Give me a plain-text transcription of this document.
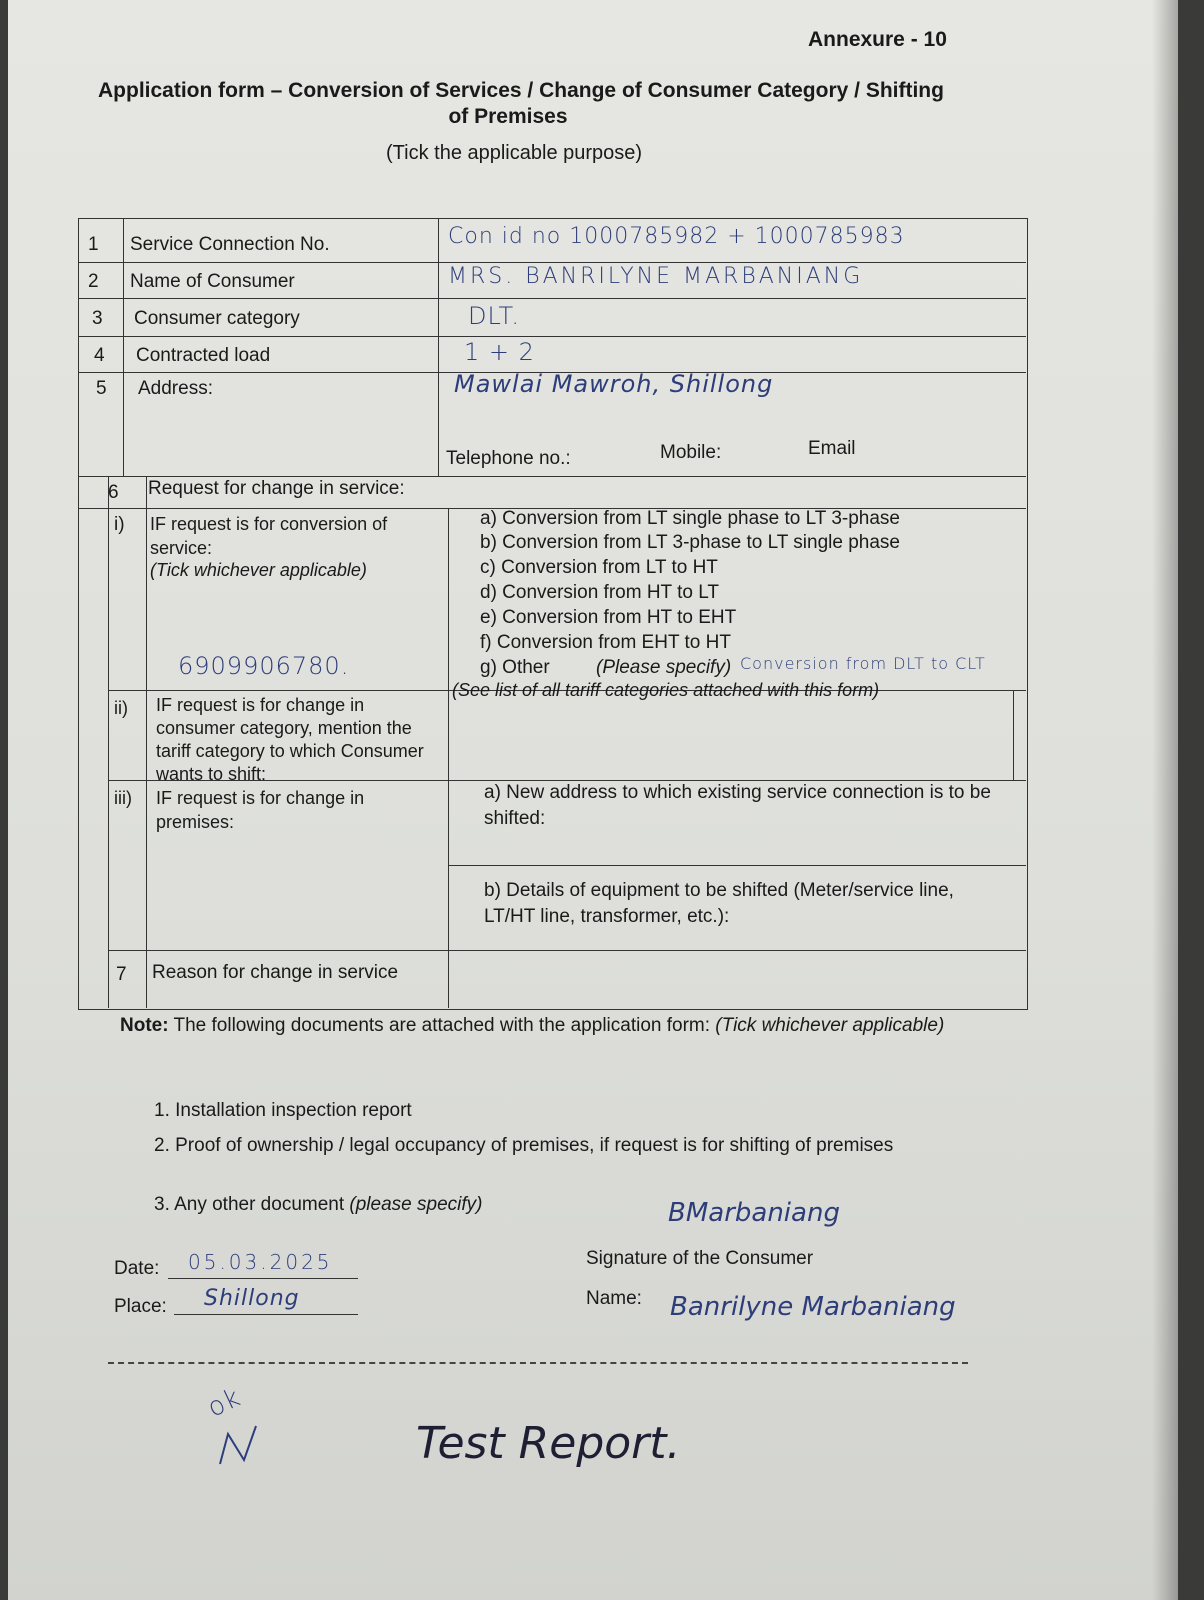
Annexure - 10
Application form – Conversion of Services / Change of Consumer Category / Shifting
of Premises
(Tick the applicable purpose)
1 Service Connection No.	Con id no 1000785982 + 1000785983
2 Name of Consumer	MRS. BANRILYNE MARBANIANG
3 Consumer category	DLT.
4 Contracted load	1 + 2
5 Address:	Mawlai Mawroh, Shillong
Telephone no.:	Mobile:	Email
6 Request for change in service:
i) IF request is for conversion of service:
(Tick whichever applicable)
6909906780.
a) Conversion from LT single phase to LT 3-phase
b) Conversion from LT 3-phase to LT single phase
c) Conversion from LT to HT
d) Conversion from HT to LT
e) Conversion from HT to EHT
f) Conversion from EHT to HT
g) Other (Please specify) Conversion from DLT to CLT
(See list of all tariff categories attached with this form)
ii) IF request is for change in consumer category, mention the tariff category to which Consumer wants to shift:
iii) IF request is for change in premises:
a) New address to which existing service connection is to be shifted:
b) Details of equipment to be shifted (Meter/service line, LT/HT line, transformer, etc.):
7 Reason for change in service
Note: The following documents are attached with the application form: (Tick whichever applicable)
1. Installation inspection report
2. Proof of ownership / legal occupancy of premises, if request is for shifting of premises
3. Any other document (please specify)
Date: 05.03.2025
Place: Shillong
BMarbaniang
Signature of the Consumer
Name: Banrilyne Marbaniang
ok
Test Report.
